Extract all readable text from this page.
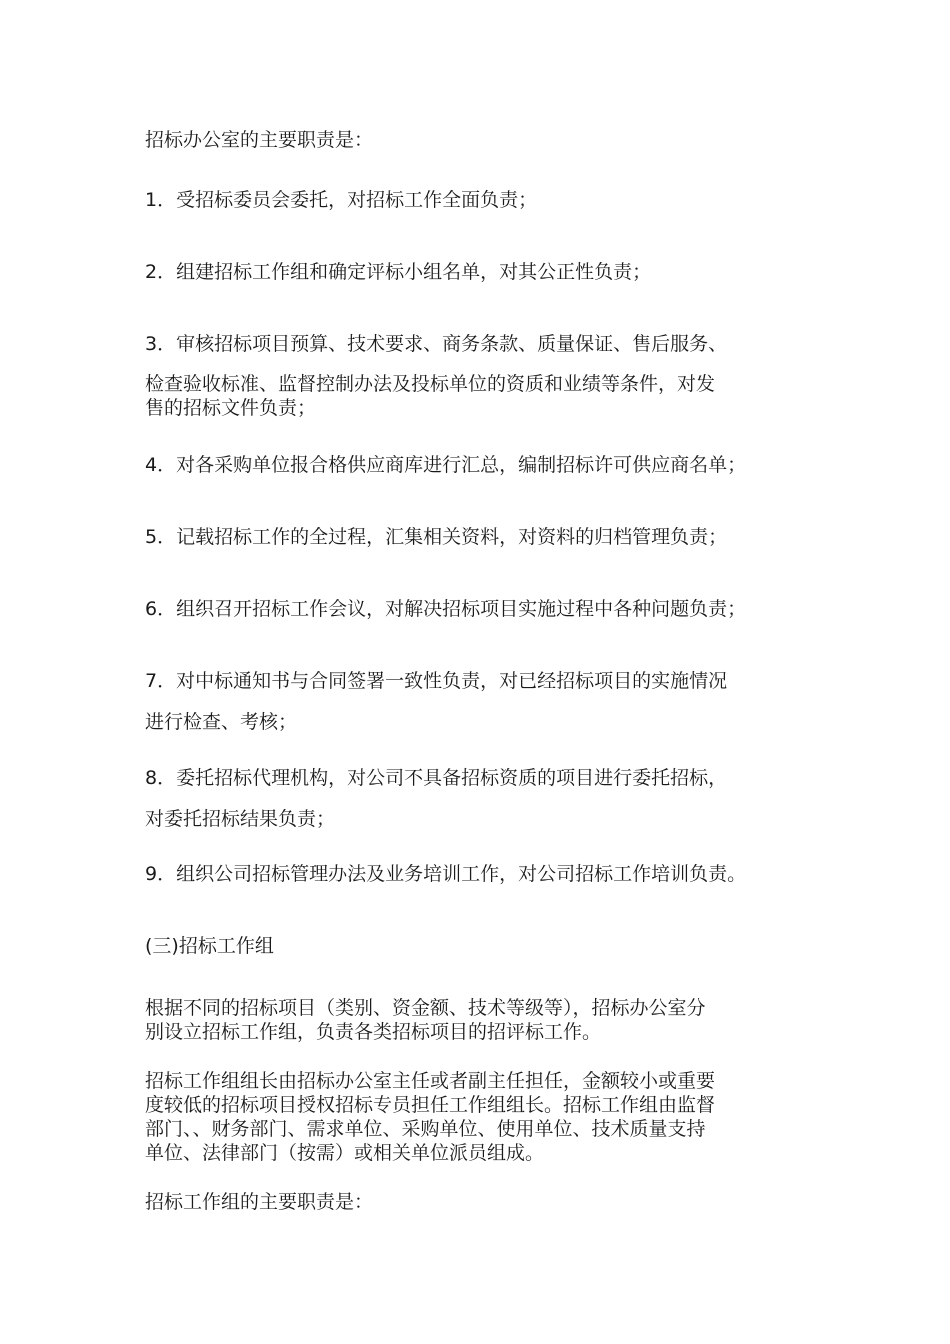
招标办公室的主要职责是：

1．受招标委员会委托，对招标工作全面负责；

2．组建招标工作组和确定评标小组名单，对其公正性负责；

3．审核招标项目预算、技术要求、商务条款、质量保证、售后服务、
检查验收标准、监督控制办法及投标单位的资质和业绩等条件，对发
售的招标文件负责；

4．对各采购单位报合格供应商库进行汇总，编制招标许可供应商名单；

5．记载招标工作的全过程，汇集相关资料，对资料的归档管理负责；

6．组织召开招标工作会议，对解决招标项目实施过程中各种问题负责；

7．对中标通知书与合同签署一致性负责，对已经招标项目的实施情况
进行检查、考核；

8．委托招标代理机构，对公司不具备招标资质的项目进行委托招标，
对委托招标结果负责；

9．组织公司招标管理办法及业务培训工作，对公司招标工作培训负责。

(三)招标工作组

根据不同的招标项目（类别、资金额、技术等级等），招标办公室分
别设立招标工作组，负责各类招标项目的招评标工作。

招标工作组组长由招标办公室主任或者副主任担任，金额较小或重要
度较低的招标项目授权招标专员担任工作组组长。招标工作组由监督
部门、、财务部门、需求单位、采购单位、使用单位、技术质量支持
单位、法律部门（按需）或相关单位派员组成。

招标工作组的主要职责是：
